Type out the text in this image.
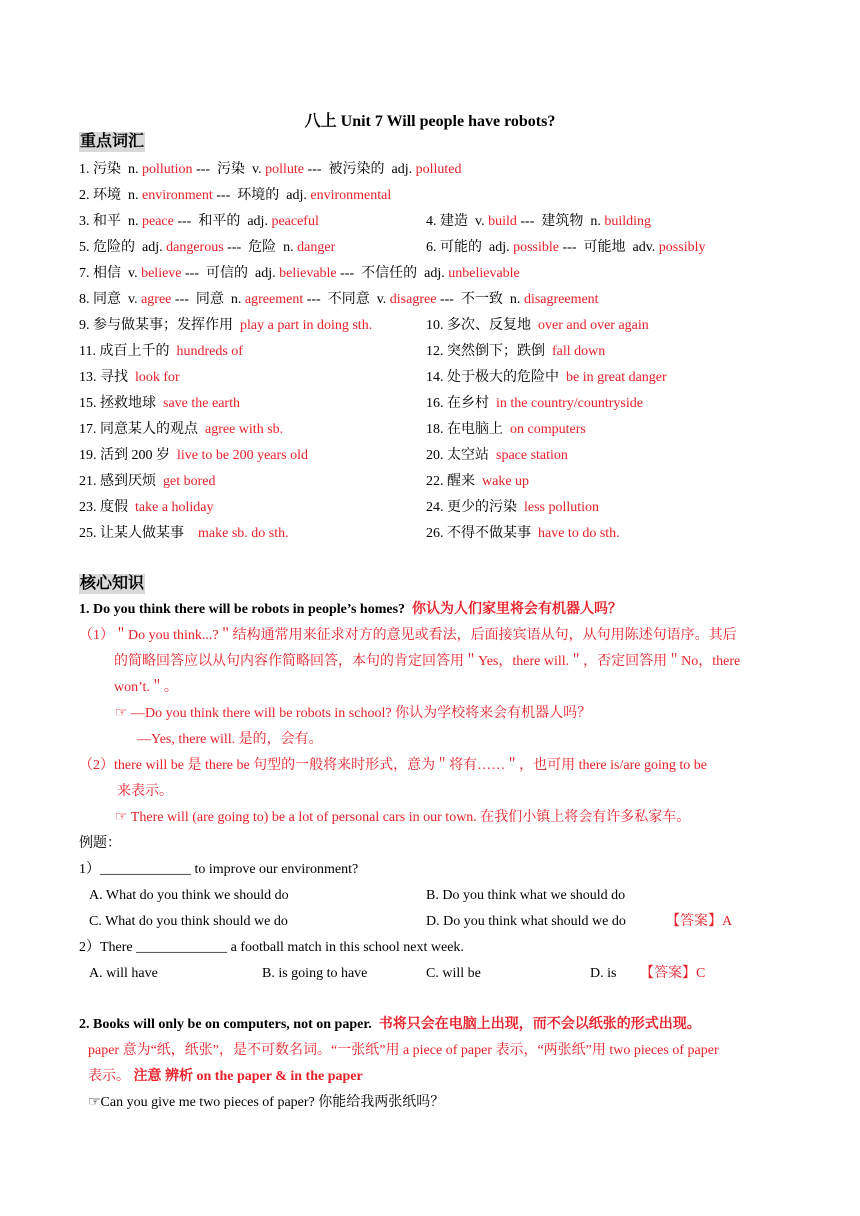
八上 Unit 7 Will people have robots?
重点词汇
1. 污染  n. pollution ---  污染  v. pollute ---  被污染的  adj. polluted
2. 环境  n. environment ---  环境的  adj. environmental
3. 和平  n. peace ---  和平的  adj. peaceful	4. 建造  v. build ---  建筑物  n. building
5. 危险的  adj. dangerous ---  危险  n. danger	6. 可能的  adj. possible ---  可能地  adv. possibly
7. 相信  v. believe ---  可信的  adj. believable ---  不信任的  adj. unbelievable
8. 同意  v. agree ---  同意  n. agreement ---  不同意  v. disagree ---  不一致  n. disagreement
9. 参与做某事；发挥作用  play a part in doing sth.	10. 多次、反复地  over and over again
11. 成百上千的  hundreds of	12. 突然倒下；跌倒  fall down
13. 寻找  look for	14. 处于极大的危险中  be in great danger
15. 拯救地球  save the earth	16. 在乡村  in the country/countryside
17. 同意某人的观点  agree with sb.	18. 在电脑上  on computers
19. 活到 200 岁  live to be 200 years old	20. 太空站  space station
21. 感到厌烦  get bored	22. 醒来  wake up
23. 度假  take a holiday	24. 更少的污染  less pollution
25. 让某人做某事    make sb. do sth.	26. 不得不做某事  have to do sth.
核心知识
1. Do you think there will be robots in people’s homes? 你认为人们家里将会有机器人吗？
（1）＂Do you think...?＂结构通常用来征求对方的意见或看法，后面接宾语从句，从句用陈述句语序。其后
的简略回答应以从句内容作简略回答，本句的肯定回答用＂Yes，there will.＂，否定回答用＂No，there
won’t.＂。
☞ —Do you think there will be robots in school? 你认为学校将来会有机器人吗？
—Yes, there will. 是的，会有。
（2）there will be 是 there be 句型的一般将来时形式，意为＂将有……＂，也可用 there is/are going to be
来表示。
☞ There will (are going to) be a lot of personal cars in our town. 在我们小镇上将会有许多私家车。
例题：
1）_____________ to improve our environment?
A. What do you think we should do	B. Do you think what we should do
C. What do you think should we do	D. Do you think what should we do	【答案】A
2）There _____________ a football match in this school next week.
A. will have	B. is going to have	C. will be	D. is 【答案】C
2. Books will only be on computers, not on paper. 书将只会在电脑上出现，而不会以纸张的形式出现。
paper 意为“纸，纸张”，是不可数名词。“一张纸”用 a piece of paper 表示，“两张纸”用 two pieces of paper
表示。 注意 辨析 on the paper & in the paper
☞Can you give me two pieces of paper? 你能给我两张纸吗？
